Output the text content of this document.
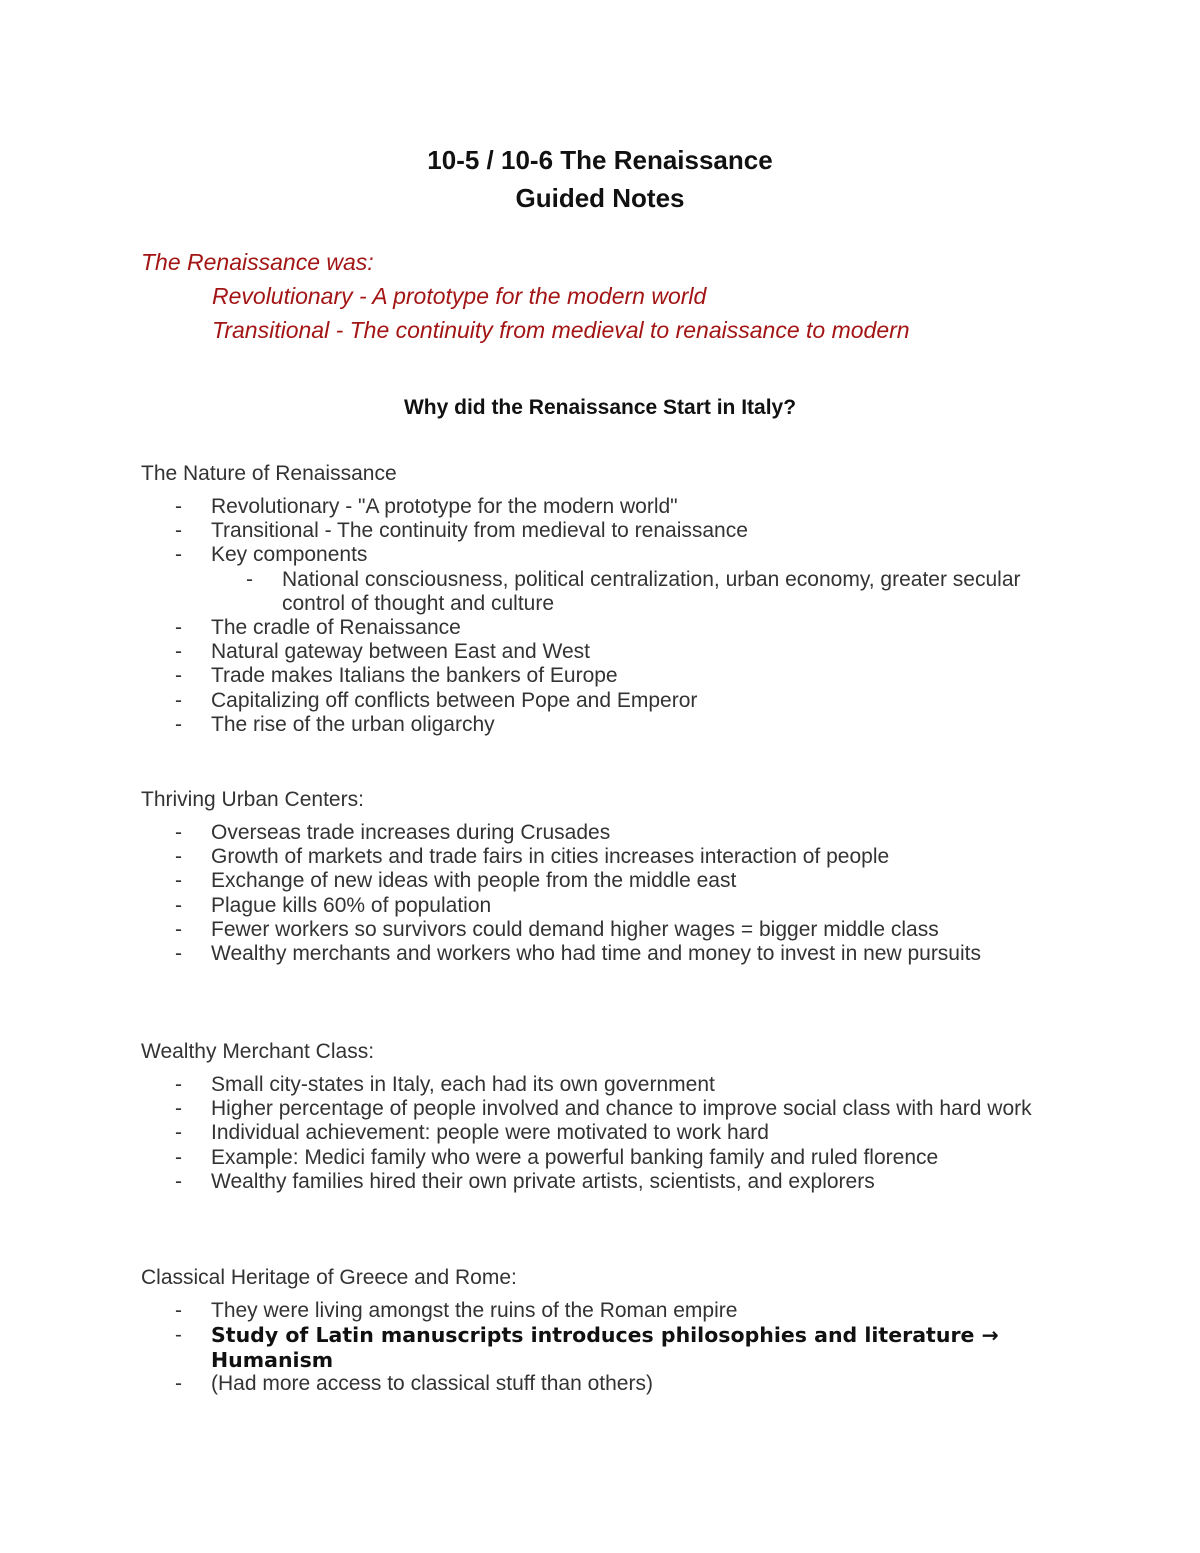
10-5 / 10-6 The Renaissance
Guided Notes
The Renaissance was:
Revolutionary - A prototype for the modern world
Transitional - The continuity from medieval to renaissance to modern
Why did the Renaissance Start in Italy?
The Nature of Renaissance
- Revolutionary - "A prototype for the modern world"
- Transitional - The continuity from medieval to renaissance
- Key components
- National consciousness, political centralization, urban economy, greater secular control of thought and culture
- The cradle of Renaissance
- Natural gateway between East and West
- Trade makes Italians the bankers of Europe
- Capitalizing off conflicts between Pope and Emperor
- The rise of the urban oligarchy
Thriving Urban Centers:
- Overseas trade increases during Crusades
- Growth of markets and trade fairs in cities increases interaction of people
- Exchange of new ideas with people from the middle east
- Plague kills 60% of population
- Fewer workers so survivors could demand higher wages = bigger middle class
- Wealthy merchants and workers who had time and money to invest in new pursuits
Wealthy Merchant Class:
- Small city-states in Italy, each had its own government
- Higher percentage of people involved and chance to improve social class with hard work
- Individual achievement: people were motivated to work hard
- Example: Medici family who were a powerful banking family and ruled florence
- Wealthy families hired their own private artists, scientists, and explorers
Classical Heritage of Greece and Rome:
- They were living amongst the ruins of the Roman empire
- Study of Latin manuscripts introduces philosophies and literature → Humanism
- (Had more access to classical stuff than others)
